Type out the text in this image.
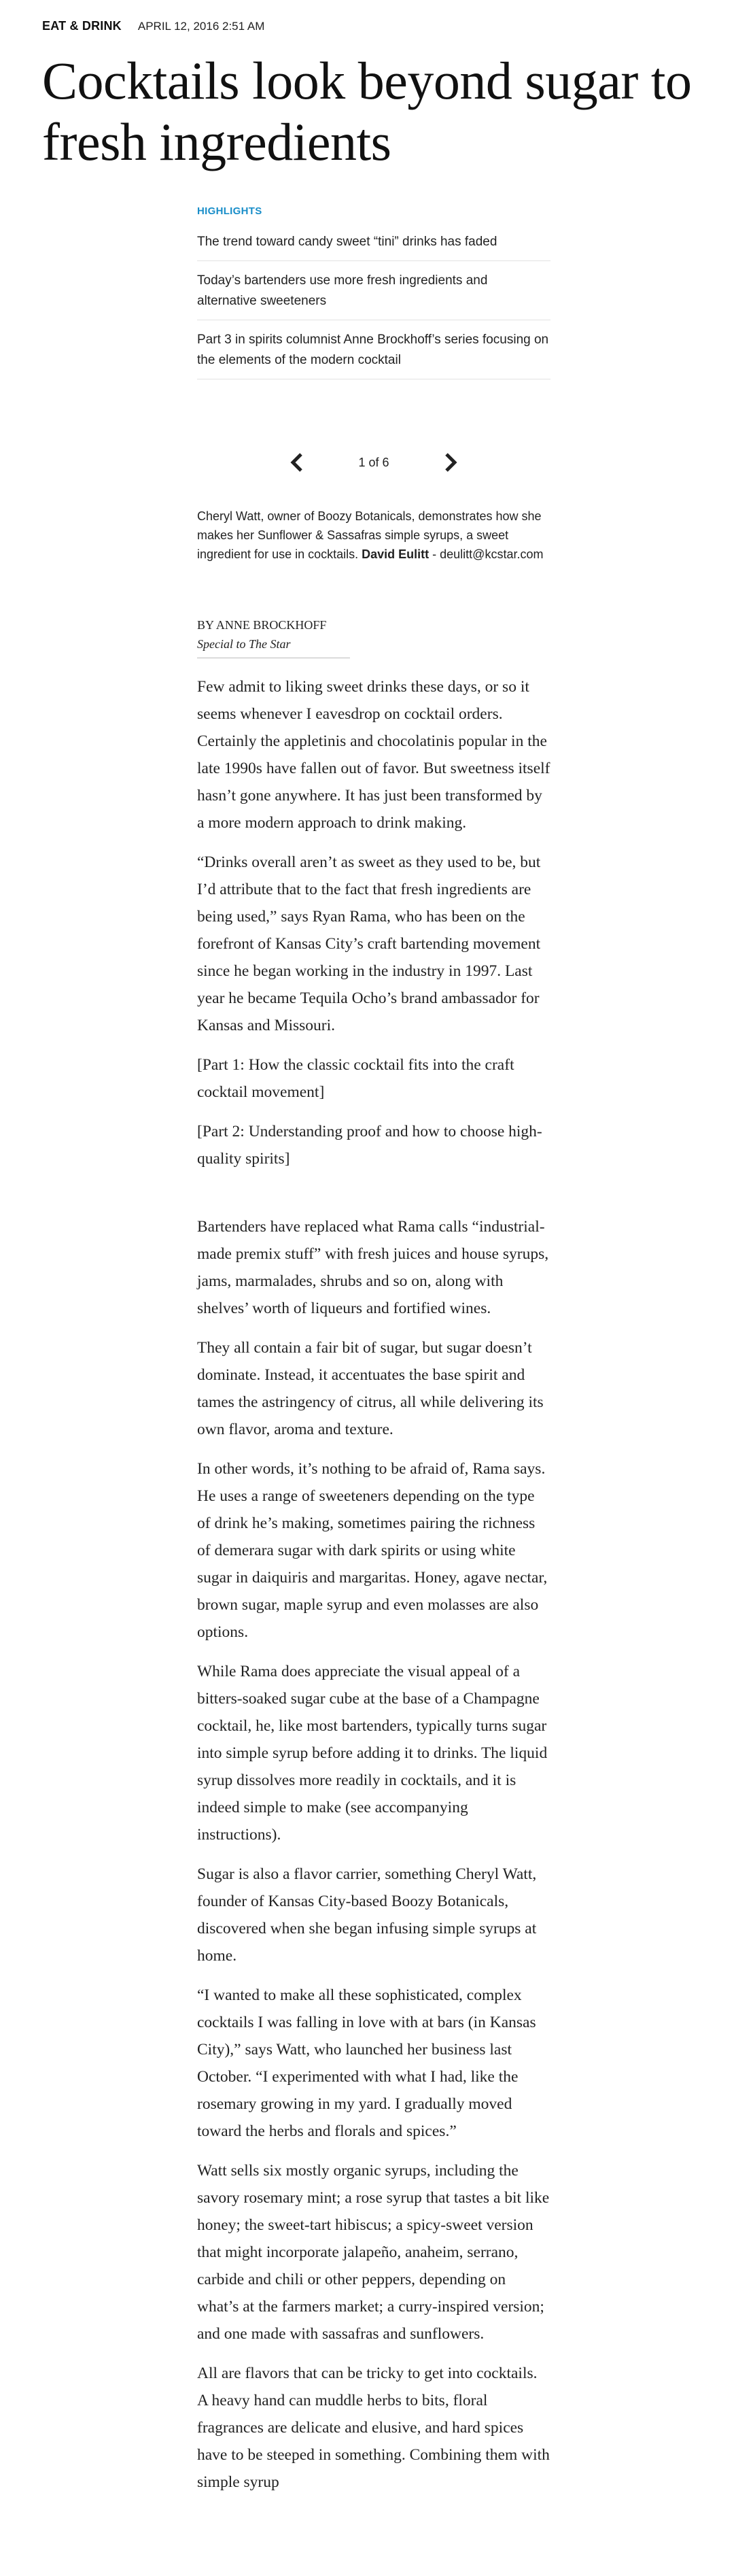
EAT & DRINK APRIL 12, 2016 2:51 AM
Cocktails look beyond sugar to fresh ingredients
HIGHLIGHTS
The trend toward candy sweet “tini” drinks has faded
Today’s bartenders use more fresh ingredients and alternative sweeteners
Part 3 in spirits columnist Anne Brockhoff’s series focusing on the elements of the modern cocktail
1 of 6
Cheryl Watt, owner of Boozy Botanicals, demonstrates how she makes her Sunflower & Sassafras simple syrups, a sweet ingredient for use in cocktails. David Eulitt - deulitt@kcstar.com
BY ANNE BROCKHOFF
Special to The Star

Few admit to liking sweet drinks these days, or so it seems whenever I eavesdrop on cocktail orders. Certainly the appletinis and chocolatinis popular in the late 1990s have fallen out of favor. But sweetness itself hasn’t gone anywhere. It has just been transformed by a more modern approach to drink making.

“Drinks overall aren’t as sweet as they used to be, but I’d attribute that to the fact that fresh ingredients are being used,” says Ryan Rama, who has been on the forefront of Kansas City’s craft bartending movement since he began working in the industry in 1997. Last year he became Tequila Ocho’s brand ambassador for Kansas and Missouri.

[Part 1: How the classic cocktail fits into the craft cocktail movement]

[Part 2: Understanding proof and how to choose high-quality spirits]

Bartenders have replaced what Rama calls “industrial-made premix stuff” with fresh juices and house syrups, jams, marmalades, shrubs and so on, along with shelves’ worth of liqueurs and fortified wines.

They all contain a fair bit of sugar, but sugar doesn’t dominate. Instead, it accentuates the base spirit and tames the astringency of citrus, all while delivering its own flavor, aroma and texture.

In other words, it’s nothing to be afraid of, Rama says. He uses a range of sweeteners depending on the type of drink he’s making, sometimes pairing the richness of demerara sugar with dark spirits or using white sugar in daiquiris and margaritas. Honey, agave nectar, brown sugar, maple syrup and even molasses are also options.

While Rama does appreciate the visual appeal of a bitters-soaked sugar cube at the base of a Champagne cocktail, he, like most bartenders, typically turns sugar into simple syrup before adding it to drinks. The liquid syrup dissolves more readily in cocktails, and it is indeed simple to make (see accompanying instructions).

Sugar is also a flavor carrier, something Cheryl Watt, founder of Kansas City-based Boozy Botanicals, discovered when she began infusing simple syrups at home.

“I wanted to make all these sophisticated, complex cocktails I was falling in love with at bars (in Kansas City),” says Watt, who launched her business last October. “I experimented with what I had, like the rosemary growing in my yard. I gradually moved toward the herbs and florals and spices.”

Watt sells six mostly organic syrups, including the savory rosemary mint; a rose syrup that tastes a bit like honey; the sweet-tart hibiscus; a spicy-sweet version that might incorporate jalapeño, anaheim, serrano, carbide and chili or other peppers, depending on what’s at the farmers market; a curry-inspired version; and one made with sassafras and sunflowers.

All are flavors that can be tricky to get into cocktails. A heavy hand can muddle herbs to bits, floral fragrances are delicate and elusive, and hard spices have to be steeped in something. Combining them with simple syrup
